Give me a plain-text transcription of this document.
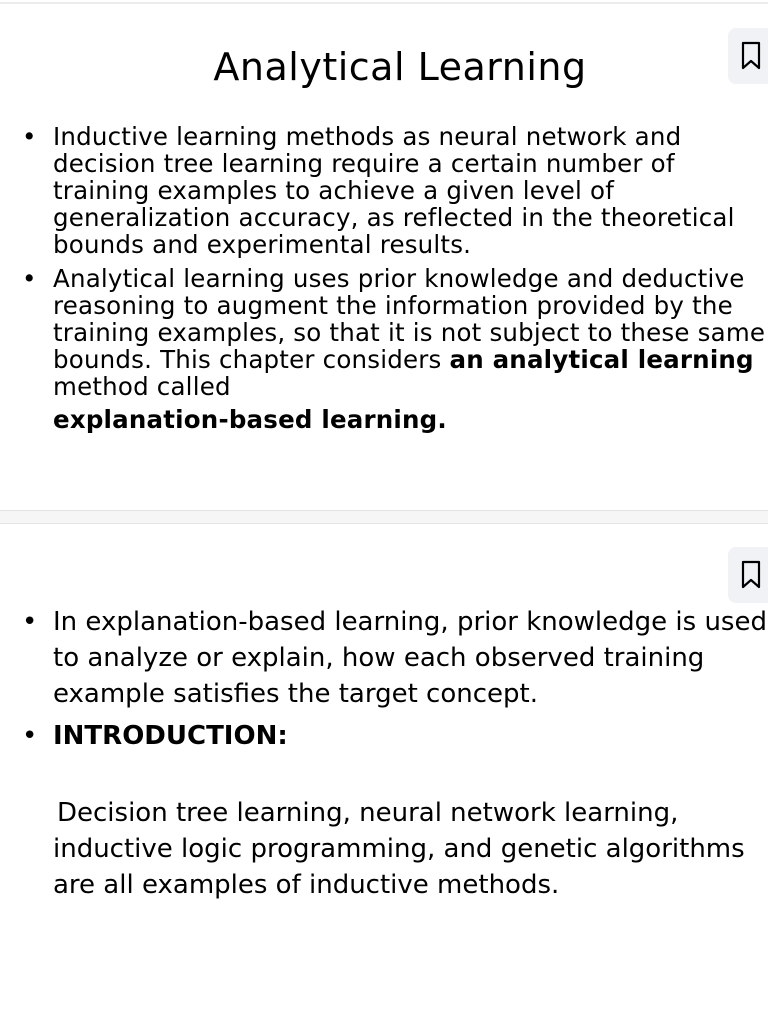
Analytical Learning
• Inductive learning methods as neural network and decision tree learning require a certain number of training examples to achieve a given level of generalization accuracy, as reflected in the theoretical bounds and experimental results.
• Analytical learning uses prior knowledge and deductive reasoning to augment the information provided by the training examples, so that it is not subject to these same bounds. This chapter considers an analytical learning method called
explanation-based learning.
• In explanation-based learning, prior knowledge is used to analyze or explain, how each observed training example satisfies the target concept.
• INTRODUCTION:
Decision tree learning, neural network learning, inductive logic programming, and genetic algorithms are all examples of inductive methods.
